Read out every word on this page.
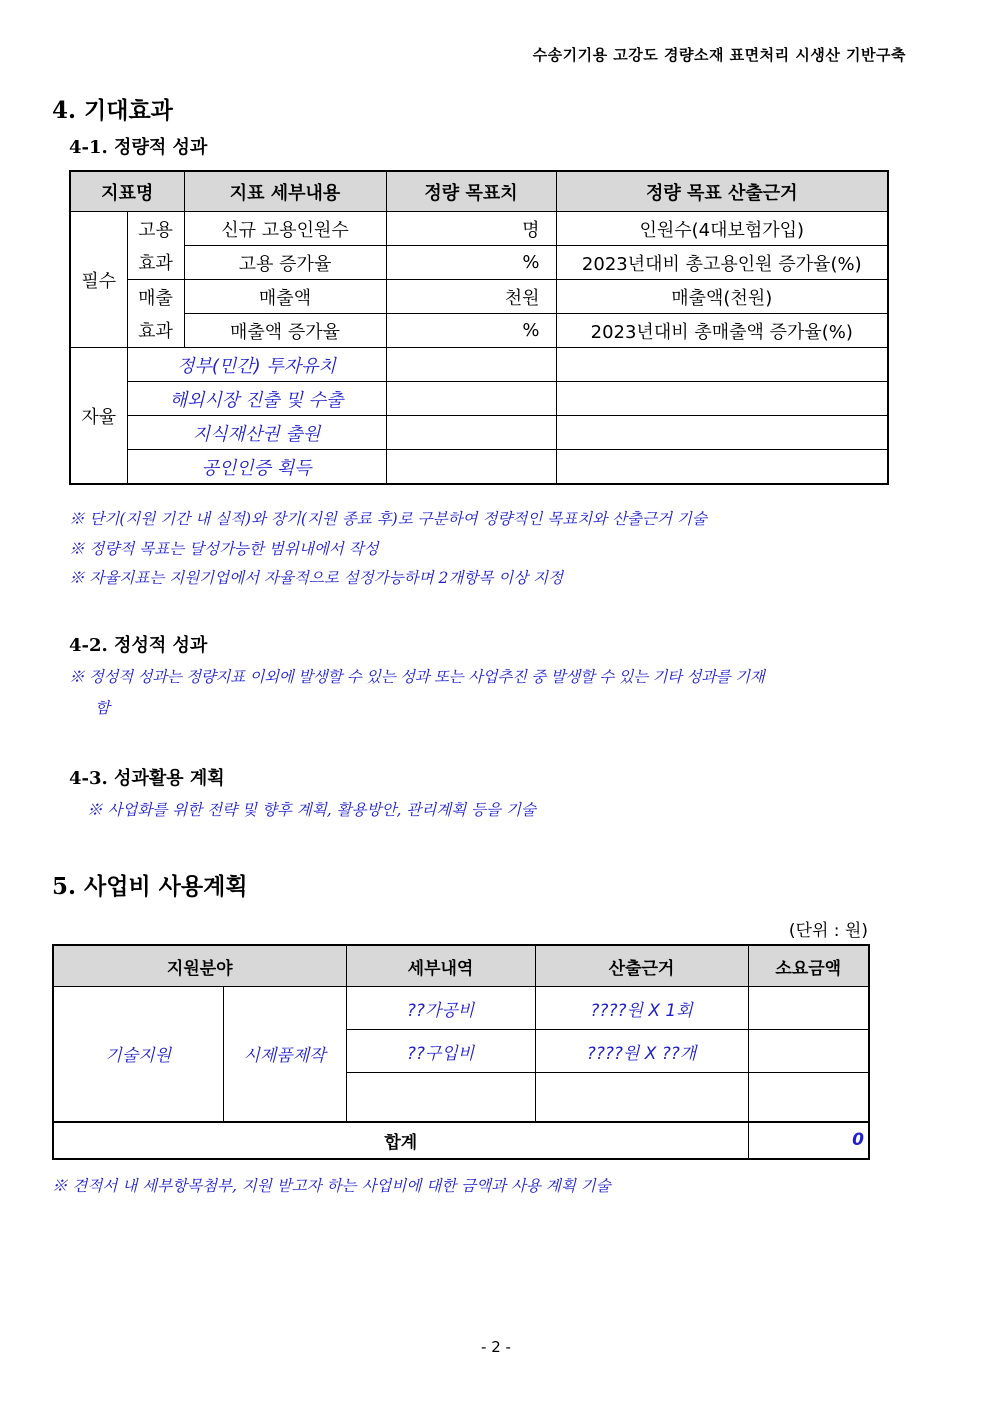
수송기기용 고강도 경량소재 표면처리 시생산 기반구축
4. 기대효과
4-1. 정량적 성과
지표명		지표 세부내용	정량 목표치	정량 목표 산출근거
필수	고용	신규 고용인원수	명	인원수(4대보험가입)
	효과	고용 증가율	%	2023년대비 총고용인원 증가율(%)
	매출	매출액	천원	매출액(천원)
	효과	매출액 증가율	%	2023년대비 총매출액 증가율(%)
자율	정부(민간) 투자유치			
	해외시장 진출 및 수출			
	지식재산권 출원			
	공인인증 획득			
※ 단기(지원 기간 내 실적)와 장기(지원 종료 후)로 구분하여 정량적인 목표치와 산출근거 기술
※ 정량적 목표는 달성가능한 범위내에서 작성
※ 자율지표는 지원기업에서 자율적으로 설정가능하며 2개항목 이상 지정
4-2. 정성적 성과
※ 정성적 성과는 정량지표 이외에 발생할 수 있는 성과 또는 사업추진 중 발생할 수 있는 기타 성과를 기재
함
4-3. 성과활용 계획
※ 사업화를 위한 전략 및 향후 계획, 활용방안, 관리계획 등을 기술
5. 사업비 사용계획
(단위 : 원)
지원분야		세부내역	산출근거	소요금액
기술지원	시제품제작	??가공비	????원 X 1회	
		??구입비	????원 X ??개	

합계				0
※ 견적서 내 세부항목첨부, 지원 받고자 하는 사업비에 대한 금액과 사용 계획 기술
- 2 -
